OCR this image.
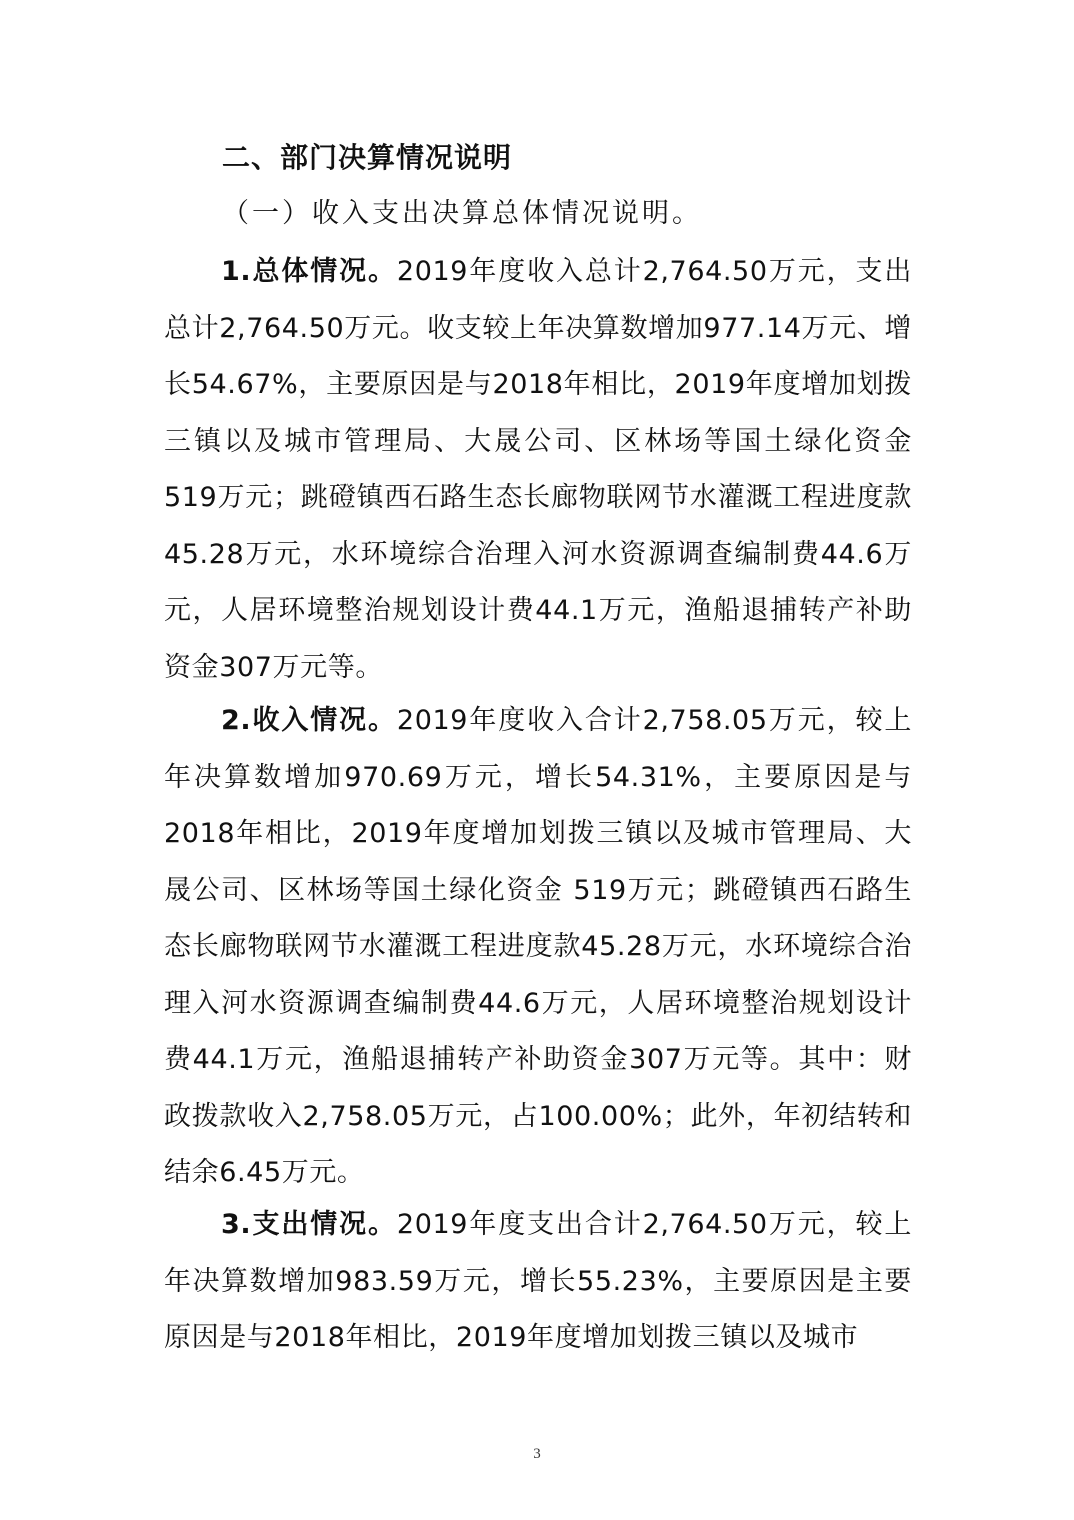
二、部门决算情况说明
（一）收入支出决算总体情况说明。

1.总体情况。2019年度收入总计2,764.50万元，支出总计2,764.50万元。收支较上年决算数增加977.14万元、增长54.67%，主要原因是与2018年相比，2019年度增加划拨三镇以及城市管理局、大晟公司、区林场等国土绿化资金 519万元；跳磴镇西石路生态长廊物联网节水灌溉工程进度款45.28万元，水环境综合治理入河水资源调查编制费44.6万元，人居环境整治规划设计费44.1万元，渔船退捕转产补助资金307万元等。

2.收入情况。2019年度收入合计2,758.05万元，较上年决算数增加970.69万元，增长54.31%，主要原因是与2018年相比，2019年度增加划拨三镇以及城市管理局、大晟公司、区林场等国土绿化资金 519万元；跳磴镇西石路生态长廊物联网节水灌溉工程进度款45.28万元，水环境综合治理入河水资源调查编制费44.6万元，人居环境整治规划设计费44.1万元，渔船退捕转产补助资金307万元等。其中：财政拨款收入2,758.05万元，占100.00%；此外，年初结转和结余6.45万元。

3.支出情况。2019年度支出合计2,764.50万元，较上年决算数增加983.59万元，增长55.23%，主要原因是主要原因是与2018年相比，2019年度增加划拨三镇以及城市

3
